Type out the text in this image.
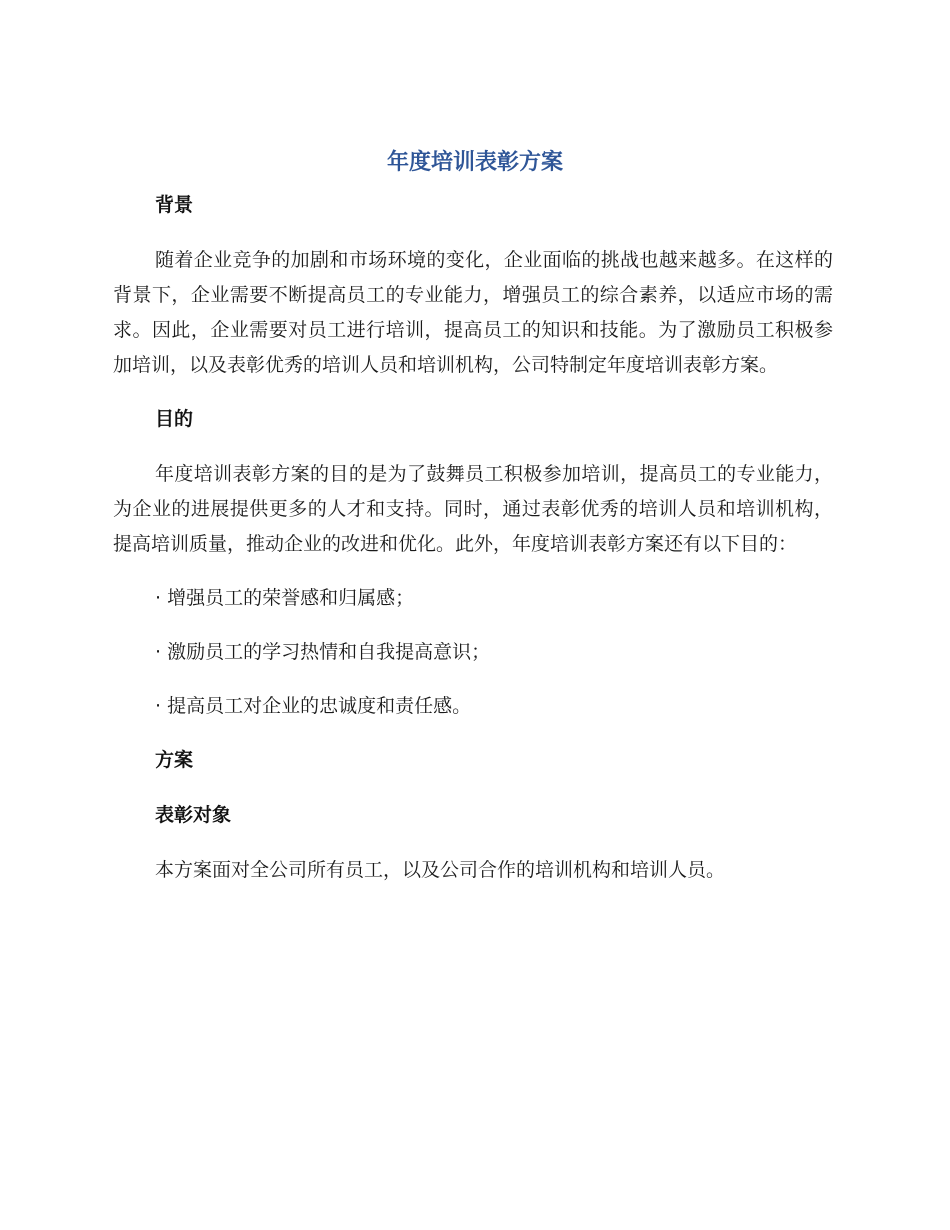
年度培训表彰方案

背景

随着企业竞争的加剧和市场环境的变化，企业面临的挑战也越来越多。在这样的背景下，企业需要不断提高员工的专业能力，增强员工的综合素养，以适应市场的需求。因此，企业需要对员工进行培训，提高员工的知识和技能。为了激励员工积极参加培训，以及表彰优秀的培训人员和培训机构，公司特制定年度培训表彰方案。

目的

年度培训表彰方案的目的是为了鼓舞员工积极参加培训，提高员工的专业能力，为企业的进展提供更多的人才和支持。同时，通过表彰优秀的培训人员和培训机构，提高培训质量，推动企业的改进和优化。此外，年度培训表彰方案还有以下目的：

· 增强员工的荣誉感和归属感；

· 激励员工的学习热情和自我提高意识；

· 提高员工对企业的忠诚度和责任感。

方案

表彰对象

本方案面对全公司所有员工，以及公司合作的培训机构和培训人员。
